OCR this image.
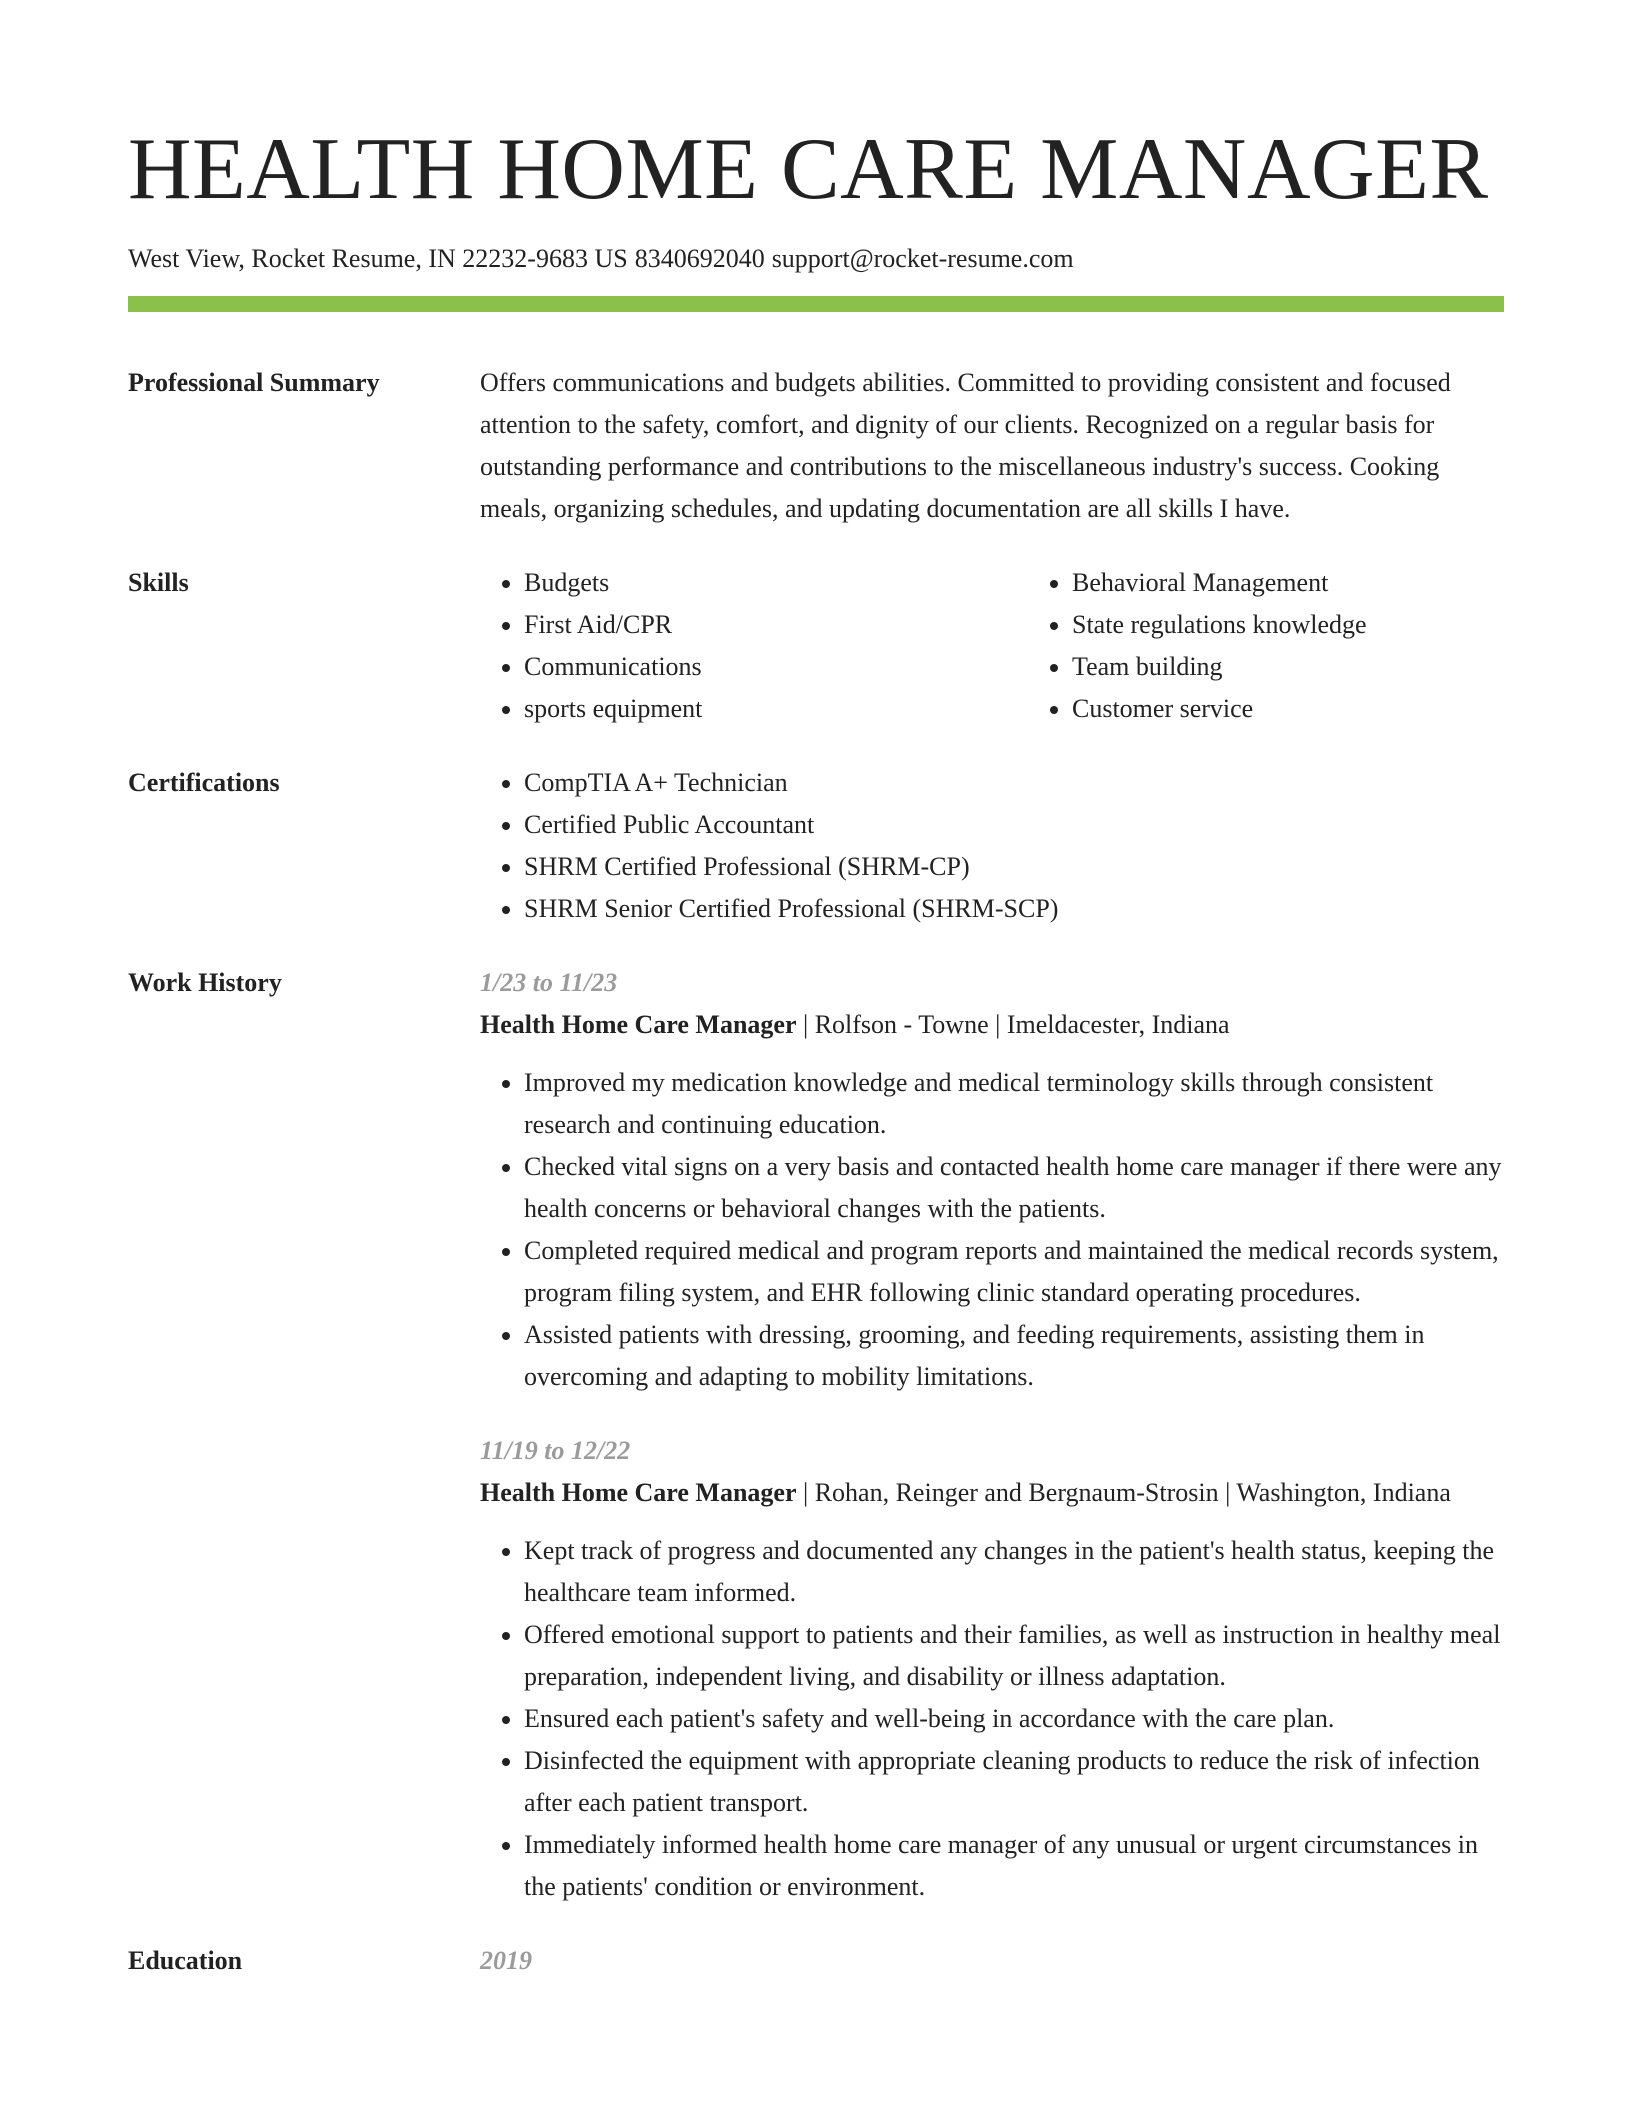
HEALTH HOME CARE MANAGER
West View, Rocket Resume, IN 22232-9683 US 8340692040 support@rocket-resume.com
Professional Summary	Offers communications and budgets abilities. Committed to providing consistent and focused attention to the safety, comfort, and dignity of our clients. Recognized on a regular basis for outstanding performance and contributions to the miscellaneous industry's success. Cooking meals, organizing schedules, and updating documentation are all skills I have.
Skills	• Budgets
• First Aid/CPR
• Communications
• sports equipment
• Behavioral Management
• State regulations knowledge
• Team building
• Customer service
Certifications	• CompTIA A+ Technician
• Certified Public Accountant
• SHRM Certified Professional (SHRM-CP)
• SHRM Senior Certified Professional (SHRM-SCP)
Work History	1/23 to 11/23
Health Home Care Manager | Rolfson - Towne | Imeldacester, Indiana
• Improved my medication knowledge and medical terminology skills through consistent research and continuing education.
• Checked vital signs on a very basis and contacted health home care manager if there were any health concerns or behavioral changes with the patients.
• Completed required medical and program reports and maintained the medical records system, program filing system, and EHR following clinic standard operating procedures.
• Assisted patients with dressing, grooming, and feeding requirements, assisting them in overcoming and adapting to mobility limitations.
11/19 to 12/22
Health Home Care Manager | Rohan, Reinger and Bergnaum-Strosin | Washington, Indiana
• Kept track of progress and documented any changes in the patient's health status, keeping the healthcare team informed.
• Offered emotional support to patients and their families, as well as instruction in healthy meal preparation, independent living, and disability or illness adaptation.
• Ensured each patient's safety and well-being in accordance with the care plan.
• Disinfected the equipment with appropriate cleaning products to reduce the risk of infection after each patient transport.
• Immediately informed health home care manager of any unusual or urgent circumstances in the patients' condition or environment.
Education	2019
